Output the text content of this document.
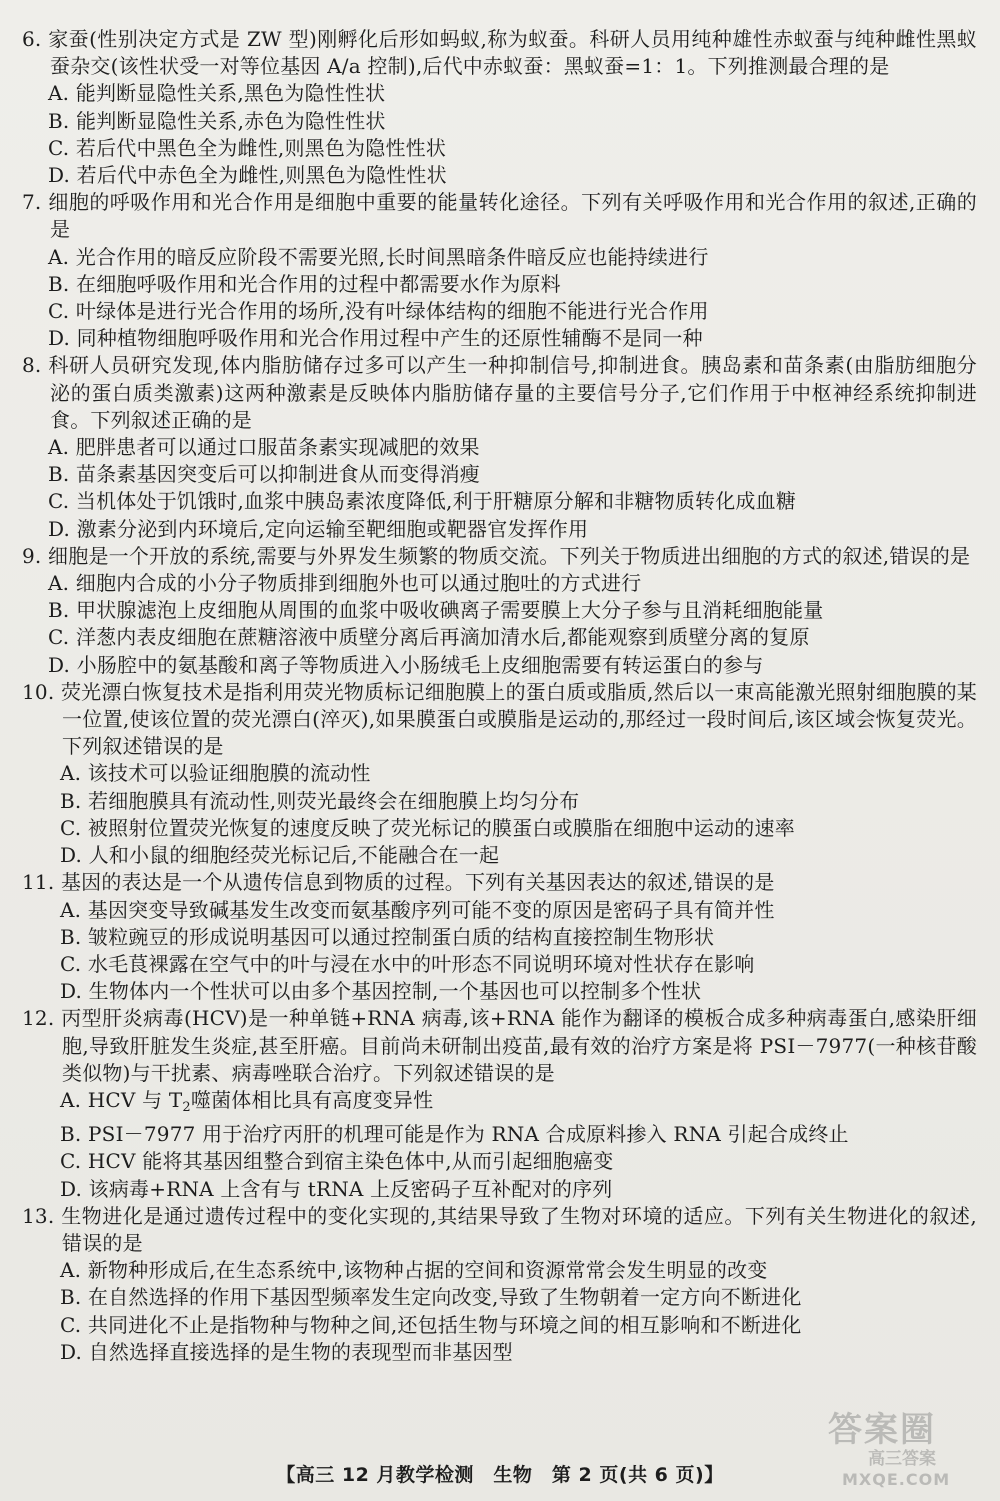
6. 家蚕(性别决定方式是 ZW 型)刚孵化后形如蚂蚁,称为蚁蚕。科研人员用纯种雄性赤蚁蚕与纯种雌性黑蚁蚕杂交(该性状受一对等位基因 A/a 控制),后代中赤蚁蚕：黑蚁蚕=1：1。下列推测最合理的是
A. 能判断显隐性关系,黑色为隐性性状
B. 能判断显隐性关系,赤色为隐性性状
C. 若后代中黑色全为雌性,则黑色为隐性性状
D. 若后代中赤色全为雌性,则黑色为隐性性状
7. 细胞的呼吸作用和光合作用是细胞中重要的能量转化途径。下列有关呼吸作用和光合作用的叙述,正确的是
A. 光合作用的暗反应阶段不需要光照,长时间黑暗条件暗反应也能持续进行
B. 在细胞呼吸作用和光合作用的过程中都需要水作为原料
C. 叶绿体是进行光合作用的场所,没有叶绿体结构的细胞不能进行光合作用
D. 同种植物细胞呼吸作用和光合作用过程中产生的还原性辅酶不是同一种
8. 科研人员研究发现,体内脂肪储存过多可以产生一种抑制信号,抑制进食。胰岛素和苗条素(由脂肪细胞分泌的蛋白质类激素)这两种激素是反映体内脂肪储存量的主要信号分子,它们作用于中枢神经系统抑制进食。下列叙述正确的是
A. 肥胖患者可以通过口服苗条素实现减肥的效果
B. 苗条素基因突变后可以抑制进食从而变得消瘦
C. 当机体处于饥饿时,血浆中胰岛素浓度降低,利于肝糖原分解和非糖物质转化成血糖
D. 激素分泌到内环境后,定向运输至靶细胞或靶器官发挥作用
9. 细胞是一个开放的系统,需要与外界发生频繁的物质交流。下列关于物质进出细胞的方式的叙述,错误的是
A. 细胞内合成的小分子物质排到细胞外也可以通过胞吐的方式进行
B. 甲状腺滤泡上皮细胞从周围的血浆中吸收碘离子需要膜上大分子参与且消耗细胞能量
C. 洋葱内表皮细胞在蔗糖溶液中质壁分离后再滴加清水后,都能观察到质壁分离的复原
D. 小肠腔中的氨基酸和离子等物质进入小肠绒毛上皮细胞需要有转运蛋白的参与
10. 荧光漂白恢复技术是指利用荧光物质标记细胞膜上的蛋白质或脂质,然后以一束高能激光照射细胞膜的某一位置,使该位置的荧光漂白(淬灭),如果膜蛋白或膜脂是运动的,那经过一段时间后,该区域会恢复荧光。下列叙述错误的是
A. 该技术可以验证细胞膜的流动性
B. 若细胞膜具有流动性,则荧光最终会在细胞膜上均匀分布
C. 被照射位置荧光恢复的速度反映了荧光标记的膜蛋白或膜脂在细胞中运动的速率
D. 人和小鼠的细胞经荧光标记后,不能融合在一起
11. 基因的表达是一个从遗传信息到物质的过程。下列有关基因表达的叙述,错误的是
A. 基因突变导致碱基发生改变而氨基酸序列可能不变的原因是密码子具有简并性
B. 皱粒豌豆的形成说明基因可以通过控制蛋白质的结构直接控制生物形状
C. 水毛茛裸露在空气中的叶与浸在水中的叶形态不同说明环境对性状存在影响
D. 生物体内一个性状可以由多个基因控制,一个基因也可以控制多个性状
12. 丙型肝炎病毒(HCV)是一种单链+RNA 病毒,该+RNA 能作为翻译的模板合成多种病毒蛋白,感染肝细胞,导致肝脏发生炎症,甚至肝癌。目前尚未研制出疫苗,最有效的治疗方案是将 PSI－7977(一种核苷酸类似物)与干扰素、病毒唑联合治疗。下列叙述错误的是
A. HCV 与 $T_2$噬菌体相比具有高度变异性
B. PSI－7977 用于治疗丙肝的机理可能是作为 RNA 合成原料掺入 RNA 引起合成终止
C. HCV 能将其基因组整合到宿主染色体中,从而引起细胞癌变
D. 该病毒+RNA 上含有与 tRNA 上反密码子互补配对的序列
13. 生物进化是通过遗传过程中的变化实现的,其结果导致了生物对环境的适应。下列有关生物进化的叙述,错误的是
A. 新物种形成后,在生态系统中,该物种占据的空间和资源常常会发生明显的改变
B. 在自然选择的作用下基因型频率发生定向改变,导致了生物朝着一定方向不断进化
C. 共同进化不止是指物种与物种之间,还包括生物与环境之间的相互影响和不断进化
D. 自然选择直接选择的是生物的表现型而非基因型
答案圈
高三答案
MXQE.COM
【高三 12 月教学检测　生物　第 2 页(共 6 页)】
